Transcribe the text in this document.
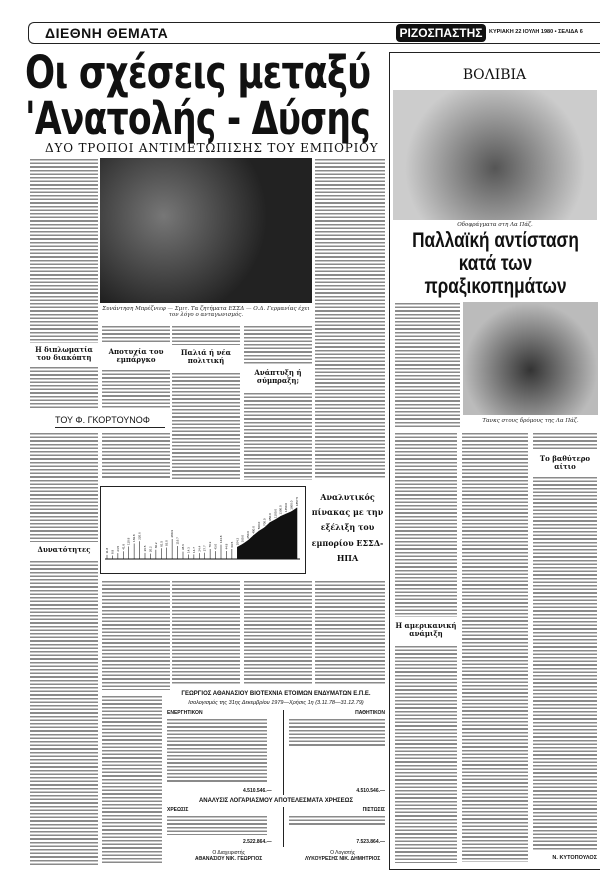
ΔΙΕΘΝΗ ΘΕΜΑΤΑ	ΡΙΖΟΣΠΑΣΤΗΣ	ΚΥΡΙΑΚΗ 22 ΙΟΥΛΗ 1980 • ΣΕΛΙΔΑ 6
Οι σχέσεις μεταξύ
'Ανατολής - Δύσης
ΔΥΟ ΤΡΟΠΟΙ ΑΝΤΙΜΕΤΩΠΙΣΗΣ ΤΟΥ ΕΜΠΟΡΙΟΥ
Συνάντηση Μπρέζνιεφ — Σμιτ. Τα ζητήματα ΕΣΣΔ — Ο.Δ. Γερμανίας έχει τον λόγο ο ανταγωνισμός.
Η διπλωματία του διακόπτη
Αποτυχία του εμπάργκο
Παλιά ή νέα πολιτική
Ανάπτυξη ή σύμπραξη;
ΤΟΥ Φ. ΓΚΟΡΤΟΥΝΟΦ
Δυνατότητες	11.8 8.8
24.5 41.8
110.8 169.8 220.6
26.5 20.2
60.2 81.5 92.0
280.9
119.7
38.6 14.3 14.7 24.4 27.7
70.3 43.0
144.8
44.8 69.5 104.2 160.0
250.0
400.0
560.0 700.0
950.0 1100.0 1300.0 1450.0 1600.0 1857.5	Αναλυτικός πίνακας με την εξέλιξη του εμπορίου ΕΣΣΔ-ΗΠΑ
ΓΕΩΡΓΙΟΣ ΑΘΑΝΑΣΙΟΥ ΒΙΟΤΕΧΝΙΑ ΕΤΟΙΜΩΝ ΕΝΔΥΜΑΤΩΝ Ε.Π.Ε.
Ισολογισμός της 31ης Δεκεμβρίου 1979—Χρήσις 1η (3.11.78—31.12.79)
ΕΝΕΡΓΗΤΙΚΟΝ	ΠΑΘΗΤΙΚΟΝ
4.510.546.—	4.510.546.—
ΑΝΑΛΥΣΙΣ ΛΟΓΑΡΙΑΣΜΟΥ ΑΠΟΤΕΛΕΣΜΑΤΑ ΧΡΗΣΕΩΣ
ΧΡΕΩΣΙΣ	ΠΙΣΤΩΣΙΣ
2.522.864.—	7.523.864.—
Ο Διαχειριστής
ΑΘΑΝΑΣΙΟΥ ΝΙΚ. ΓΕΩΡΓΙΟΣ
Ο Λογιστής
ΛΥΚΟΥΡΕΣΗΣ ΝΙΚ. ΔΗΜΗΤΡΙΟΣ
ΒΟΛΙΒΙΑ
Οδοφράγματα στη Λα Πάζ.
Παλλαϊκή αντίσταση κατά των πραξικοπημάτων
Τανκς στους δρόμους της Λα Πάζ.
Η αμερικανική ανάμιξη
Το βαθύτερο αίτιο
Ν. ΚΥΤΟΠΟΥΛΟΣ
